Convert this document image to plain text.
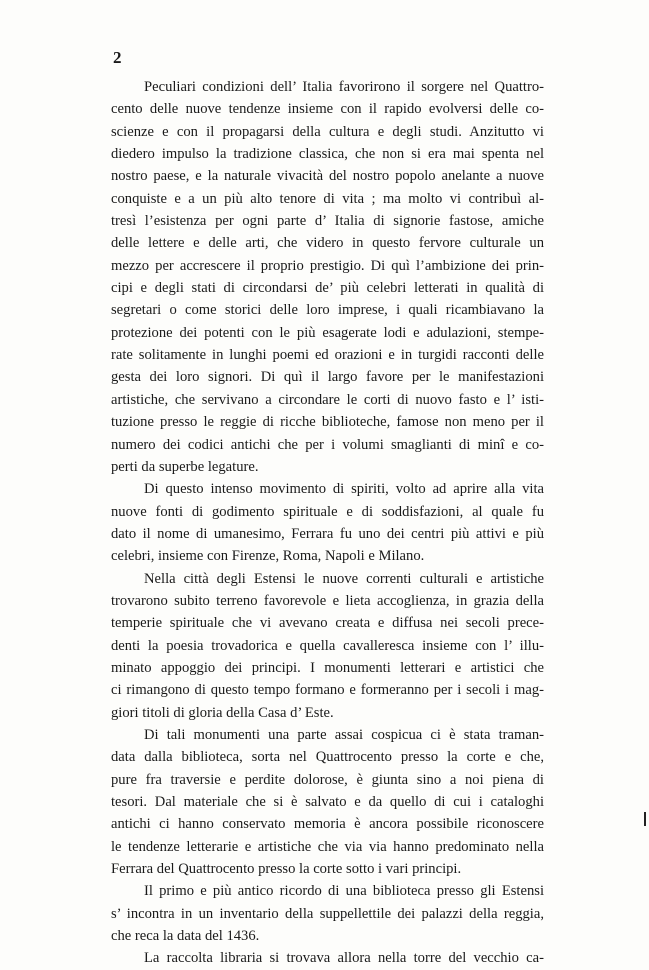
2
Peculiari condizioni dell’ Italia favorirono il sorgere nel Quattro-
cento delle nuove tendenze insieme con il rapido evolversi delle co-
scienze e con il propagarsi della cultura e degli studi. Anzitutto vi
diedero impulso la tradizione classica, che non si era mai spenta nel
nostro paese, e la naturale vivacità del nostro popolo anelante a nuove
conquiste e a un più alto tenore di vita ; ma molto vi contribuì al-
tresì l’esistenza per ogni parte d’ Italia di signorie fastose, amiche
delle lettere e delle arti, che videro in questo fervore culturale un
mezzo per accrescere il proprio prestigio. Di quì l’ambizione dei prin-
cipi e degli stati di circondarsi de’ più celebri letterati in qualità di
segretari o come storici delle loro imprese, i quali ricambiavano la
protezione dei potenti con le più esagerate lodi e adulazioni, stempe-
rate solitamente in lunghi poemi ed orazioni e in turgidi racconti delle
gesta dei loro signori. Di quì il largo favore per le manifestazioni
artistiche, che servivano a circondare le corti di nuovo fasto e l’ isti-
tuzione presso le reggie di ricche biblioteche, famose non meno per il
numero dei codici antichi che per i volumi smaglianti di minî e co-
perti da superbe legature.
Di questo intenso movimento di spiriti, volto ad aprire alla vita
nuove fonti di godimento spirituale e di soddisfazioni, al quale fu
dato il nome di umanesimo, Ferrara fu uno dei centri più attivi e più
celebri, insieme con Firenze, Roma, Napoli e Milano.
Nella città degli Estensi le nuove correnti culturali e artistiche
trovarono subito terreno favorevole e lieta accoglienza, in grazia della
temperie spirituale che vi avevano creata e diffusa nei secoli prece-
denti la poesia trovadorica e quella cavalleresca insieme con l’ illu-
minato appoggio dei principi. I monumenti letterari e artistici che
ci rimangono di questo tempo formano e formeranno per i secoli i mag-
giori titoli di gloria della Casa d’ Este.
Di tali monumenti una parte assai cospicua ci è stata traman-
data dalla biblioteca, sorta nel Quattrocento presso la corte e che,
pure fra traversie e perdite dolorose, è giunta sino a noi piena di
tesori. Dal materiale che si è salvato e da quello di cui i cataloghi
antichi ci hanno conservato memoria è ancora possibile riconoscere
le tendenze letterarie e artistiche che via via hanno predominato nella
Ferrara del Quattrocento presso la corte sotto i vari principi.
Il primo e più antico ricordo di una biblioteca presso gli Estensi
s’ incontra in un inventario della suppellettile dei palazzi della reggia,
che reca la data del 1436.
La raccolta libraria si trovava allora nella torre del vecchio ca-
